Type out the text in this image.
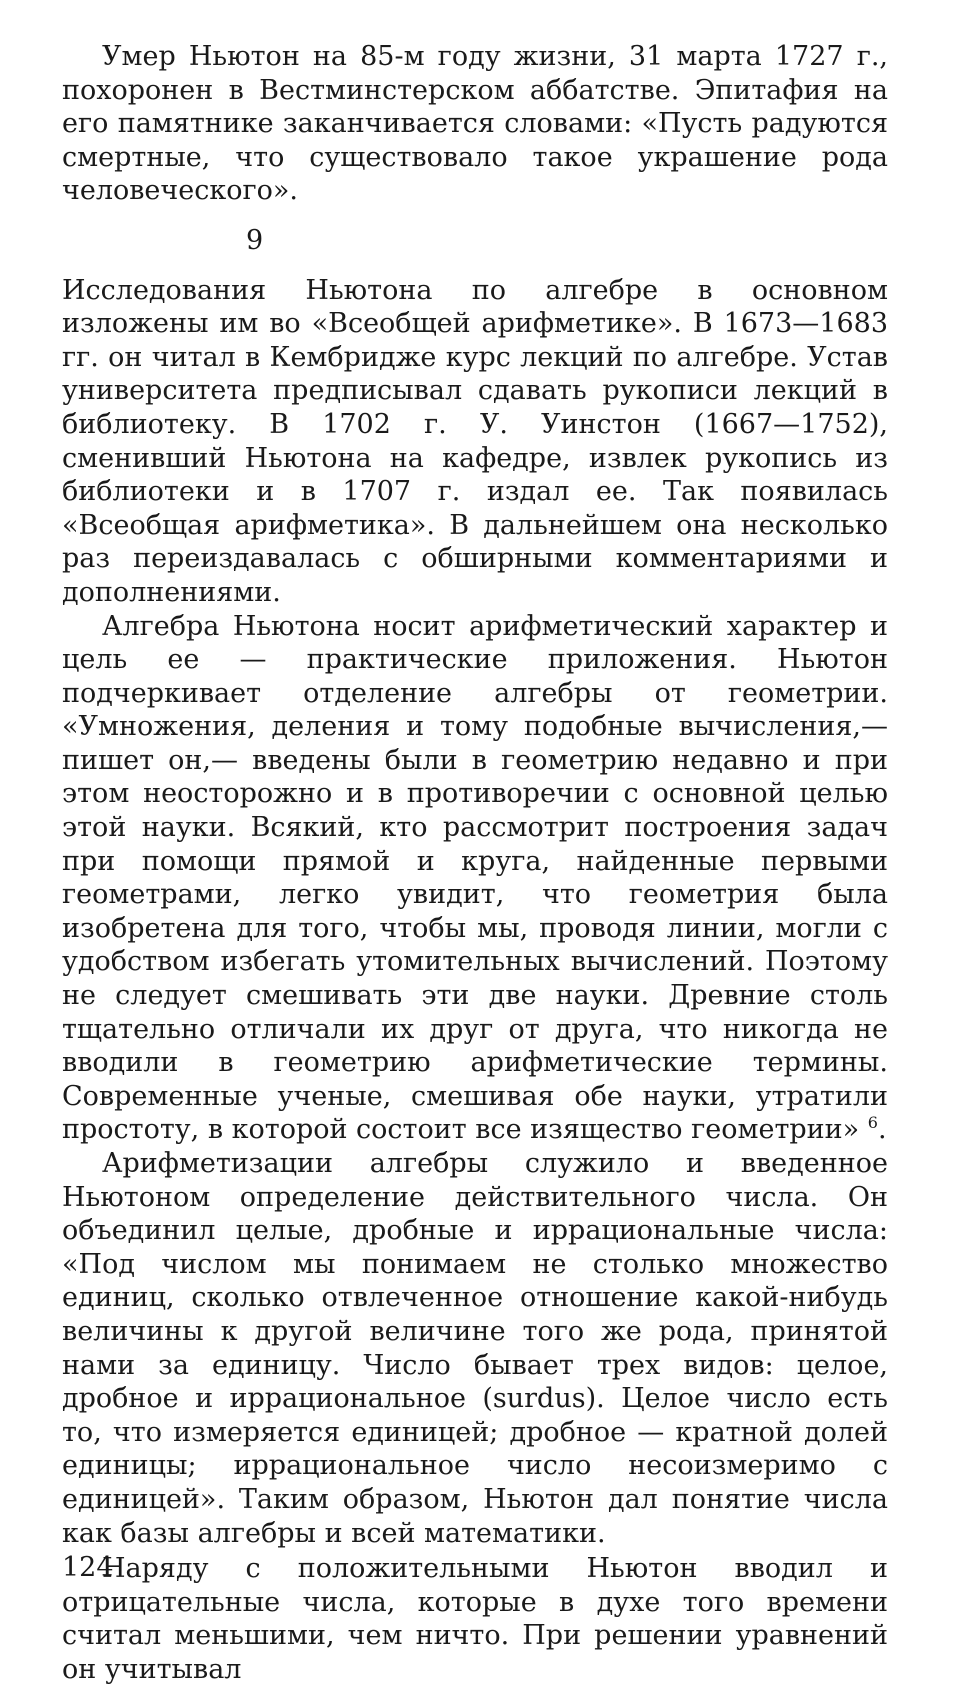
Умер Ньютон на 85-м году жизни, 31 марта 1727 г., похоронен в Вестминстерском аббатстве. Эпитафия на его памятнике заканчивается словами: «Пусть радуются смертные, что существовало такое украшение рода человеческого».

9

Исследования Ньютона по алгебре в основном изложены им во «Всеобщей арифметике». В 1673—1683 гг. он читал в Кембридже курс лекций по алгебре. Устав университета предписывал сдавать рукописи лекций в библиотеку. В 1702 г. У. Уинстон (1667—1752), сменивший Ньютона на кафедре, извлек рукопись из библиотеки и в 1707 г. издал ее. Так появилась «Всеобщая арифметика». В дальнейшем она несколько раз переиздавалась с обширными комментариями и дополнениями.

Алгебра Ньютона носит арифметический характер и цель ее — практические приложения. Ньютон подчеркивает отделение алгебры от геометрии. «Умножения, деления и тому подобные вычисления,— пишет он,— введены были в геометрию недавно и при этом неосторожно и в противоречии с основной целью этой науки. Всякий, кто рассмотрит построения задач при помощи прямой и круга, найденные первыми геометрами, легко увидит, что геометрия была изобретена для того, чтобы мы, проводя линии, могли с удобством избегать утомительных вычислений. Поэтому не следует смешивать эти две науки. Древние столь тщательно отличали их друг от друга, что никогда не вводили в геометрию арифметические термины. Современные ученые, смешивая обе науки, утратили простоту, в которой состоит все изящество геометрии» $^6$.

Арифметизации алгебры служило и введенное Ньютоном определение действительного числа. Он объединил целые, дробные и иррациональные числа: «Под числом мы понимаем не столько множество единиц, сколько отвлеченное отношение какой-нибудь величины к другой величине того же рода, принятой нами за единицу. Число бывает трех видов: целое, дробное и иррациональное (surdus). Целое число есть то, что измеряется единицей; дробное — кратной долей единицы; иррациональное число несоизмеримо с единицей». Таким образом, Ньютон дал понятие числа как базы алгебры и всей математики.

Наряду с положительными Ньютон вводил и отрицательные числа, которые в духе того времени считал меньшими, чем ничто. При решении уравнений он учитывал

124
